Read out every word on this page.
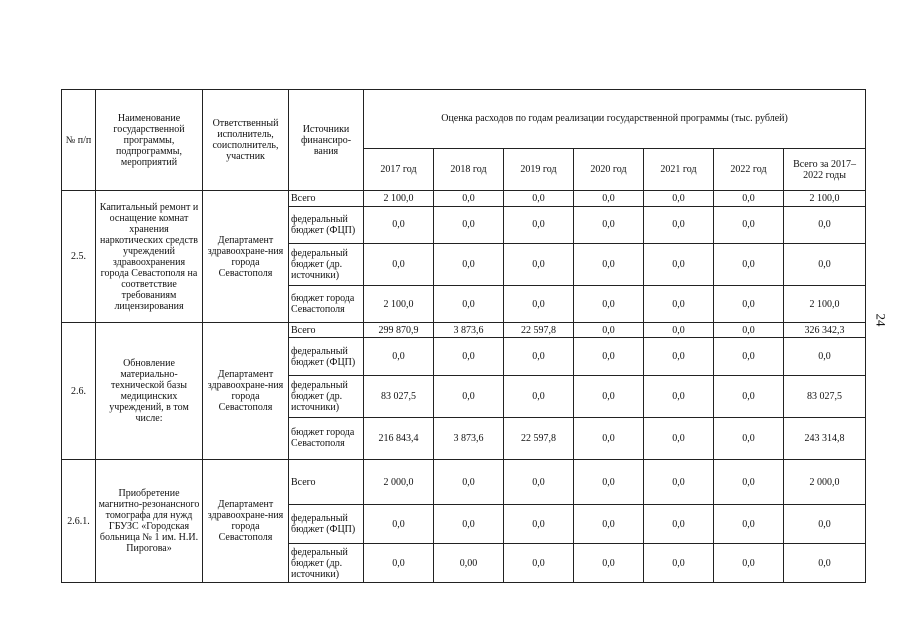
24
№ п/п	Наименование государственной программы, подпрограммы, мероприятий	Ответственный исполнитель, соисполнитель, участник	Источники финансиро-вания	Оценка расходов по годам реализации государственной программы (тыс. рублей)						
				2017 год	2018 год	2019 год	2020 год	2021 год	2022 год	Всего за 2017–2022 годы
2.5.	Капитальный ремонт и оснащение комнат хранения наркотических средств учреждений здравоохранения города Севастополя на соответствие требованиям лицензирования	Департамент здравоохране-ния города Севастополя	Всего	2 100,0	0,0	0,0	0,0	0,0	0,0	2 100,0
			федеральный бюджет (ФЦП)	0,0	0,0	0,0	0,0	0,0	0,0	0,0
			федеральный бюджет (др. источники)	0,0	0,0	0,0	0,0	0,0	0,0	0,0
			бюджет города Севастополя	2 100,0	0,0	0,0	0,0	0,0	0,0	2 100,0
2.6.	Обновление материально-технической базы медицинских учреждений, в том числе:	Департамент здравоохране-ния города Севастополя	Всего	299 870,9	3 873,6	22 597,8	0,0	0,0	0,0	326 342,3
			федеральный бюджет (ФЦП)	0,0	0,0	0,0	0,0	0,0	0,0	0,0
			федеральный бюджет (др. источники)	83 027,5	0,0	0,0	0,0	0,0	0,0	83 027,5
			бюджет города Севастополя	216 843,4	3 873,6	22 597,8	0,0	0,0	0,0	243 314,8
2.6.1.	Приобретение магнитно-резонансного томографа для нужд ГБУЗС «Городская больница № 1 им. Н.И. Пирогова»	Департамент здравоохране-ния города Севастополя	Всего	2 000,0	0,0	0,0	0,0	0,0	0,0	2 000,0
			федеральный бюджет (ФЦП)	0,0	0,0	0,0	0,0	0,0	0,0	0,0
			федеральный бюджет (др. источники)	0,0	0,00	0,0	0,0	0,0	0,0	0,0
